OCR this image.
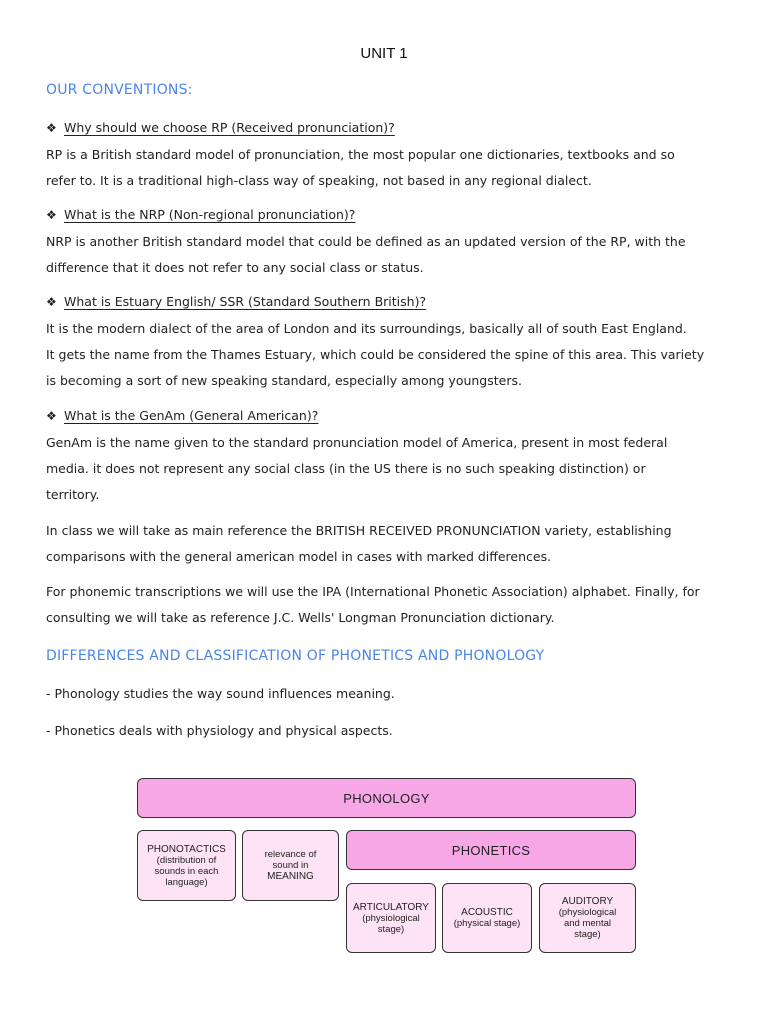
UNIT 1
OUR CONVENTIONS:
❖ Why should we choose RP (Received pronunciation)?
RP is a British standard model of pronunciation, the most popular one dictionaries, textbooks and so
refer to. It is a traditional high-class way of speaking, not based in any regional dialect.
❖ What is the NRP (Non-regional pronunciation)?
NRP is another British standard model that could be defined as an updated version of the RP, with the
difference that it does not refer to any social class or status.
❖ What is Estuary English/ SSR (Standard Southern British)?
It is the modern dialect of the area of London and its surroundings, basically all of south East England.
It gets the name from the Thames Estuary, which could be considered the spine of this area. This variety
is becoming a sort of new speaking standard, especially among youngsters.
❖ What is the GenAm (General American)?
GenAm is the name given to the standard pronunciation model of America, present in most federal
media. it does not represent any social class (in the US there is no such speaking distinction) or
territory.
In class we will take as main reference the BRITISH RECEIVED PRONUNCIATION variety, establishing
comparisons with the general american model in cases with marked differences.
For phonemic transcriptions we will use the IPA (International Phonetic Association) alphabet. Finally, for
consulting we will take as reference J.C. Wells' Longman Pronunciation dictionary.
DIFFERENCES AND CLASSIFICATION OF PHONETICS AND PHONOLOGY
- Phonology studies the way sound influences meaning.
- Phonetics deals with physiology and physical aspects.
PHONOLOGY
PHONOTACTICS
(distribution of
sounds in each
language)
relevance of
sound in
MEANING
PHONETICS
ARTICULATORY
(physiological
stage)
ACOUSTIC
(physical stage)
AUDITORY
(physiological
and mental
stage)
